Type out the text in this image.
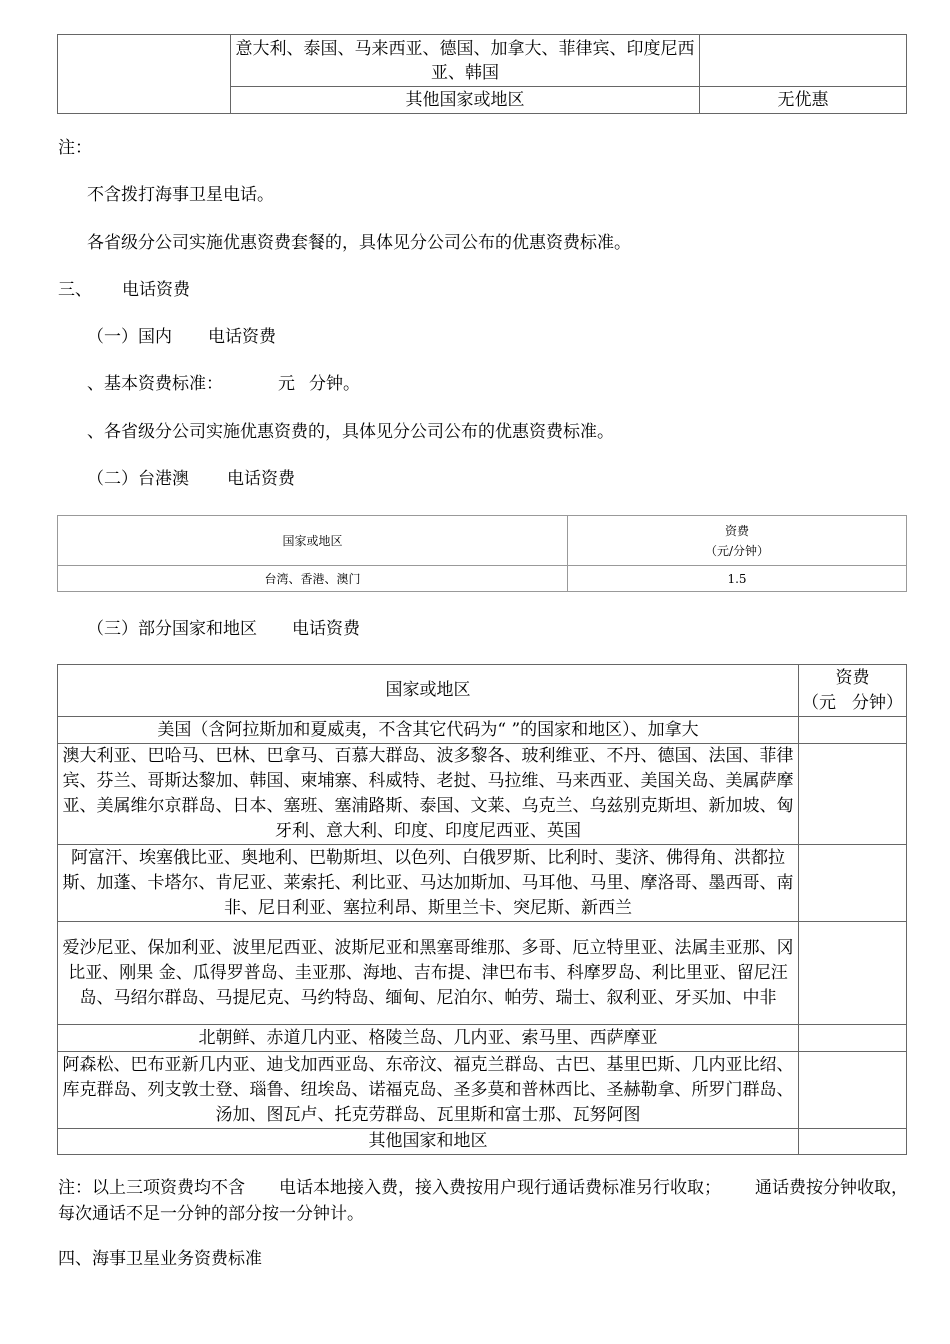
	意大利、泰国、马来西亚、德国、加拿大、菲律宾、印度尼西亚、韩国	
	其他国家或地区	无优惠
注：
不含拨打海事卫星电话。
各省级分公司实施优惠资费套餐的，具体见分公司公布的优惠资费标准。
三、 电话资费
（一）国内 电话资费
、基本资费标准：	元 分钟。
、各省级分公司实施优惠资费的，具体见分公司公布的优惠资费标准。
（二）台港澳 电话资费
国家或地区	资费
（元/分钟）

台湾、香港、澳门	1.5
（三）部分国家和地区 电话资费
国家或地区	资费
（元 分钟）

美国（含阿拉斯加和夏威夷，不含其它代码为“ ”的国家和地区）、加拿大	
澳大利亚、巴哈马、巴林、巴拿马、百慕大群岛、波多黎各、玻利维亚、不丹、德国、法国、菲律宾、芬兰、哥斯达黎加、韩国、柬埔寨、科威特、老挝、马拉维、马来西亚、美国关岛、美属萨摩亚、美属维尔京群岛、日本、塞班、塞浦路斯、泰国、文莱、乌克兰、乌兹别克斯坦、新加坡、匈牙利、意大利、印度、印度尼西亚、英国	
阿富汗、埃塞俄比亚、奥地利、巴勒斯坦、以色列、白俄罗斯、比利时、斐济、佛得角、洪都拉斯、加蓬、卡塔尔、肯尼亚、莱索托、利比亚、马达加斯加、马耳他、马里、摩洛哥、墨西哥、南非、尼日利亚、塞拉利昂、斯里兰卡、突尼斯、新西兰	
爱沙尼亚、保加利亚、波里尼西亚、波斯尼亚和黑塞哥维那、多哥、厄立特里亚、法属圭亚那、冈比亚、刚果 金、瓜得罗普岛、圭亚那、海地、吉布提、津巴布韦、科摩罗岛、利比里亚、留尼汪岛、马绍尔群岛、马提尼克、马约特岛、缅甸、尼泊尔、帕劳、瑞士、叙利亚、牙买加、中非	
北朝鲜、赤道几内亚、格陵兰岛、几内亚、索马里、西萨摩亚	
阿森松、巴布亚新几内亚、迪戈加西亚岛、东帝汶、福克兰群岛、古巴、基里巴斯、几内亚比绍、库克群岛、列支敦士登、瑙鲁、纽埃岛、诺福克岛、圣多莫和普林西比、圣赫勒拿、所罗门群岛、汤加、图瓦卢、托克劳群岛、瓦里斯和富士那、瓦努阿图	
其他国家和地区	
注：以上三项资费均不含 电话本地接入费，接入费按用户现行通话费标准另行收取； 通话费按分钟收取，每次通话不足一分钟的部分按一分钟计。
四、海事卫星业务资费标准
